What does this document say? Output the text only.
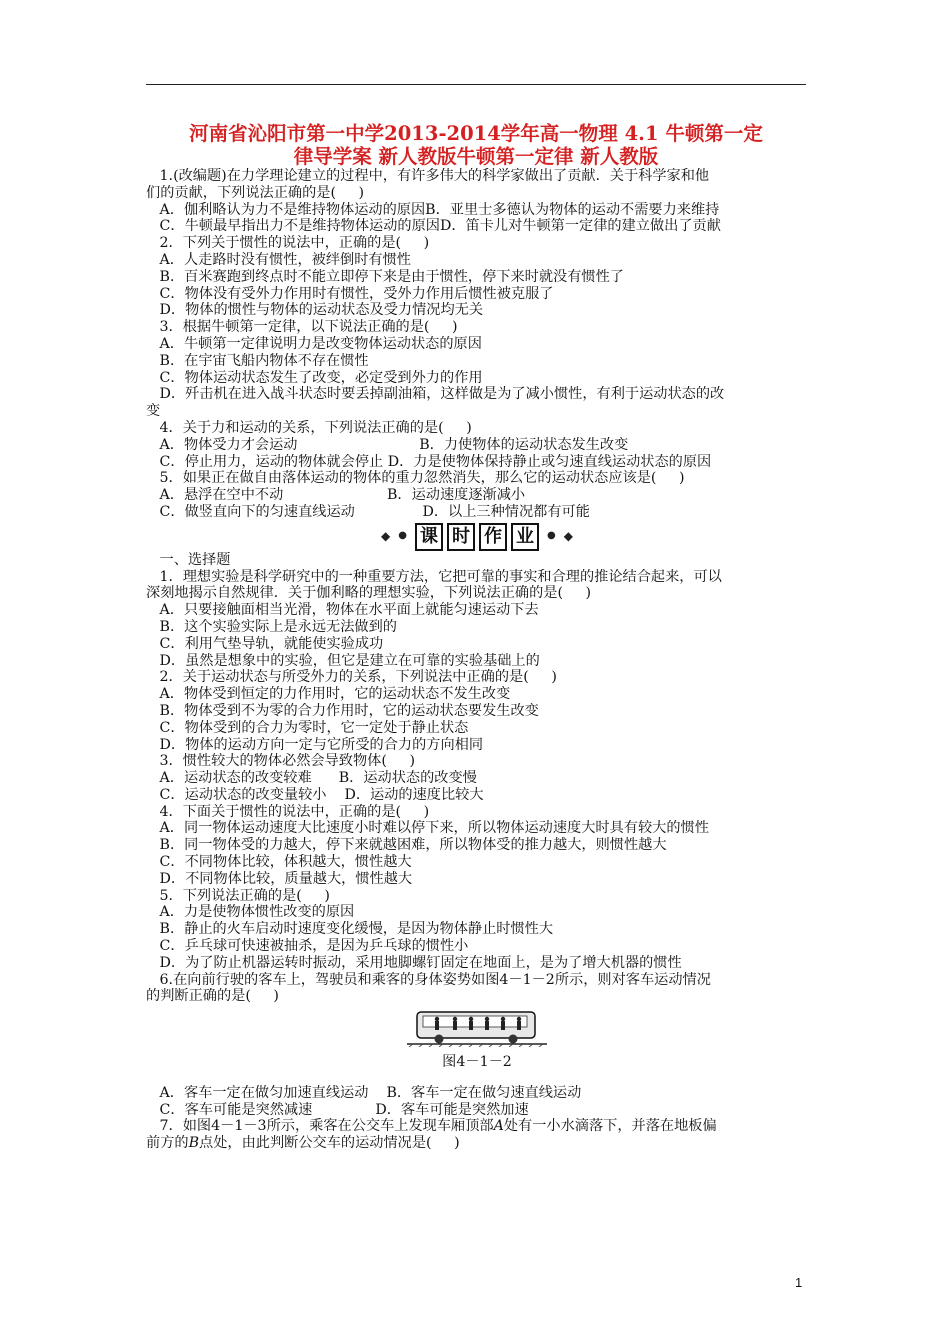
河南省沁阳市第一中学2013-2014学年高一物理 4.1 牛顿第一定
律导学案 新人教版牛顿第一定律 新人教版
1.(改编题)在力学理论建立的过程中，有许多伟大的科学家做出了贡献．关于科学家和他
们的贡献，下列说法正确的是(     )
A．伽利略认为力不是维持物体运动的原因B．亚里士多德认为物体的运动不需要力来维持
C．牛顿最早指出力不是维持物体运动的原因D．笛卡儿对牛顿第一定律的建立做出了贡献
2．下列关于惯性的说法中，正确的是(     )
A．人走路时没有惯性，被绊倒时有惯性
B．百米赛跑到终点时不能立即停下来是由于惯性，停下来时就没有惯性了
C．物体没有受外力作用时有惯性，受外力作用后惯性被克服了
D．物体的惯性与物体的运动状态及受力情况均无关
3．根据牛顿第一定律，以下说法正确的是(     )
A．牛顿第一定律说明力是改变物体运动状态的原因
B．在宇宙飞船内物体不存在惯性
C．物体运动状态发生了改变，必定受到外力的作用
D．歼击机在进入战斗状态时要丢掉副油箱，这样做是为了减小惯性，有利于运动状态的改
变
4．关于力和运动的关系，下列说法正确的是(     )
A．物体受力才会运动                           B．力使物体的运动状态发生改变
C．停止用力，运动的物体就会停止 D．力是使物体保持静止或匀速直线运动状态的原因
5．如果正在做自由落体运动的物体的重力忽然消失，那么它的运动状态应该是(     )
A．悬浮在空中不动                       B．运动速度逐渐减小
C．做竖直向下的匀速直线运动               D．以上三种情况都有可能
◆ ● 课 时 作 业	● ◆
一、选择题
1．理想实验是科学研究中的一种重要方法，它把可靠的事实和合理的推论结合起来，可以
深刻地揭示自然规律．关于伽利略的理想实验，下列说法正确的是(     )
A．只要接触面相当光滑，物体在水平面上就能匀速运动下去
B．这个实验实际上是永远无法做到的
C．利用气垫导轨，就能使实验成功
D．虽然是想象中的实验，但它是建立在可靠的实验基础上的
2．关于运动状态与所受外力的关系，下列说法中正确的是(     )
A．物体受到恒定的力作用时，它的运动状态不发生改变
B．物体受到不为零的合力作用时，它的运动状态要发生改变
C．物体受到的合力为零时，它一定处于静止状态
D．物体的运动方向一定与它所受的合力的方向相同
3．惯性较大的物体必然会导致物体(     )
A．运动状态的改变较难      B．运动状态的改变慢
C．运动状态的改变量较小    D．运动的速度比较大
4．下面关于惯性的说法中，正确的是(     )
A．同一物体运动速度大比速度小时难以停下来，所以物体运动速度大时具有较大的惯性
B．同一物体受的力越大，停下来就越困难，所以物体受的推力越大，则惯性越大
C．不同物体比较，体积越大，惯性越大
D．不同物体比较，质量越大，惯性越大
5．下列说法正确的是(     )
A．力是使物体惯性改变的原因
B．静止的火车启动时速度变化缓慢，是因为物体静止时惯性大
C．乒乓球可快速被抽杀，是因为乒乓球的惯性小
D．为了防止机器运转时振动，采用地脚螺钉固定在地面上，是为了增大机器的惯性
6.在向前行驶的客车上，驾驶员和乘客的身体姿势如图4－1－2所示，则对客车运动情况
的判断正确的是(     )
图4－1－2
A．客车一定在做匀加速直线运动    B．客车一定在做匀速直线运动
C．客车可能是突然减速              D．客车可能是突然加速
7．如图4－1－3所示，乘客在公交车上发现车厢顶部A处有一小水滴落下，并落在地板偏
前方的B点处，由此判断公交车的运动情况是(     )
1
